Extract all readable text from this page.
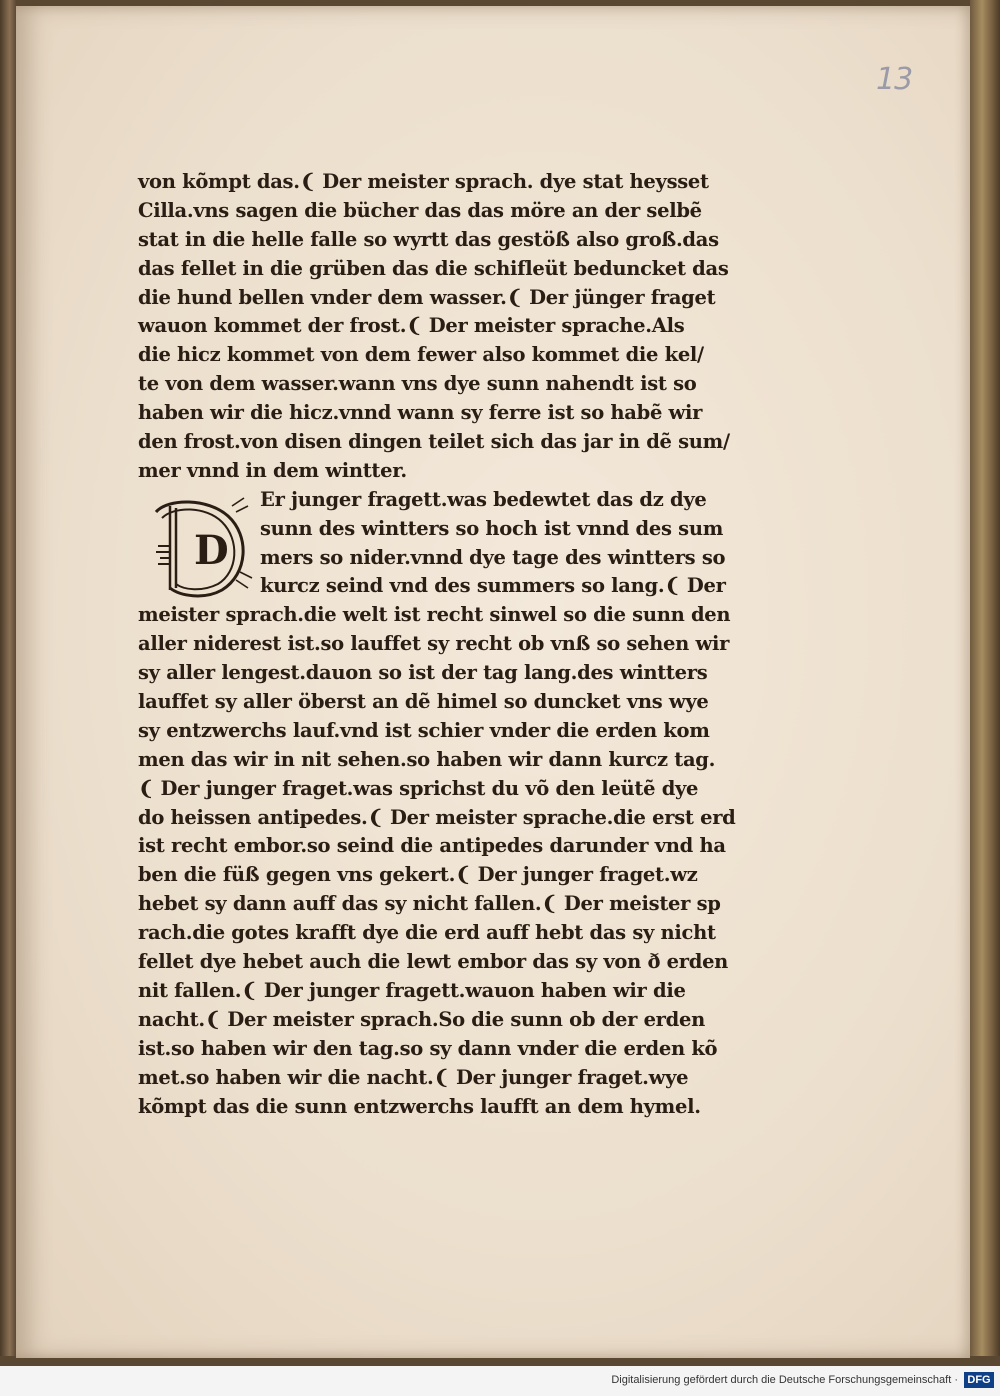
13
von kõmpt das.❨ Der meister sprach. dye stat heysset
Cilla.vns sagen die bücher das das möre an der selbẽ
stat in die helle falle so wyrtt das gestöß also groß.das
das fellet in die grüben das die schifleüt beduncket das
die hund bellen vnder dem wasser.❨ Der jünger fraget
wauon kommet der frost.❨ Der meister sprache.Als
die hicz kommet von dem fewer also kommet die kel/
te von dem wasser.wann vns dye sunn nahendt ist so
haben wir die hicz.vnnd wann sy ferre ist so habẽ wir
den frost.von disen dingen teilet sich das jar in dẽ sum/
mer vnnd in dem wintter.
Er junger fragett.was bedewtet das dz dye
sunn des wintters so hoch ist vnnd des sum
mers so nider.vnnd dye tage des wintters so
kurcz seind vnd des summers so lang.❨ Der
meister sprach.die welt ist recht sinwel so die sunn den
aller niderest ist.so lauffet sy recht ob vnß so sehen wir
sy aller lengest.dauon so ist der tag lang.des wintters
lauffet sy aller öberst an dẽ himel so duncket vns wye
sy entzwerchs lauf.vnd ist schier vnder die erden kom
men das wir in nit sehen.so haben wir dann kurcz tag.
❨ Der junger fraget.was sprichst du võ den leütẽ dye
do heissen antipedes.❨ Der meister sprache.die erst erd
ist recht embor.so seind die antipedes darunder vnd ha
ben die füß gegen vns gekert.❨ Der junger fraget.wz
hebet sy dann auff das sy nicht fallen.❨ Der meister sp
rach.die gotes krafft dye die erd auff hebt das sy nicht
fellet dye hebet auch die lewt embor das sy von ð erden
nit fallen.❨ Der junger fragett.wauon haben wir die
nacht.❨ Der meister sprach.So die sunn ob der erden
ist.so haben wir den tag.so sy dann vnder die erden kõ
met.so haben wir die nacht.❨ Der junger fraget.wye
kõmpt das die sunn entzwerchs laufft an dem hymel.
D
Digitalisierung gefördert durch die Deutsche Forschungsgemeinschaft · DFG
